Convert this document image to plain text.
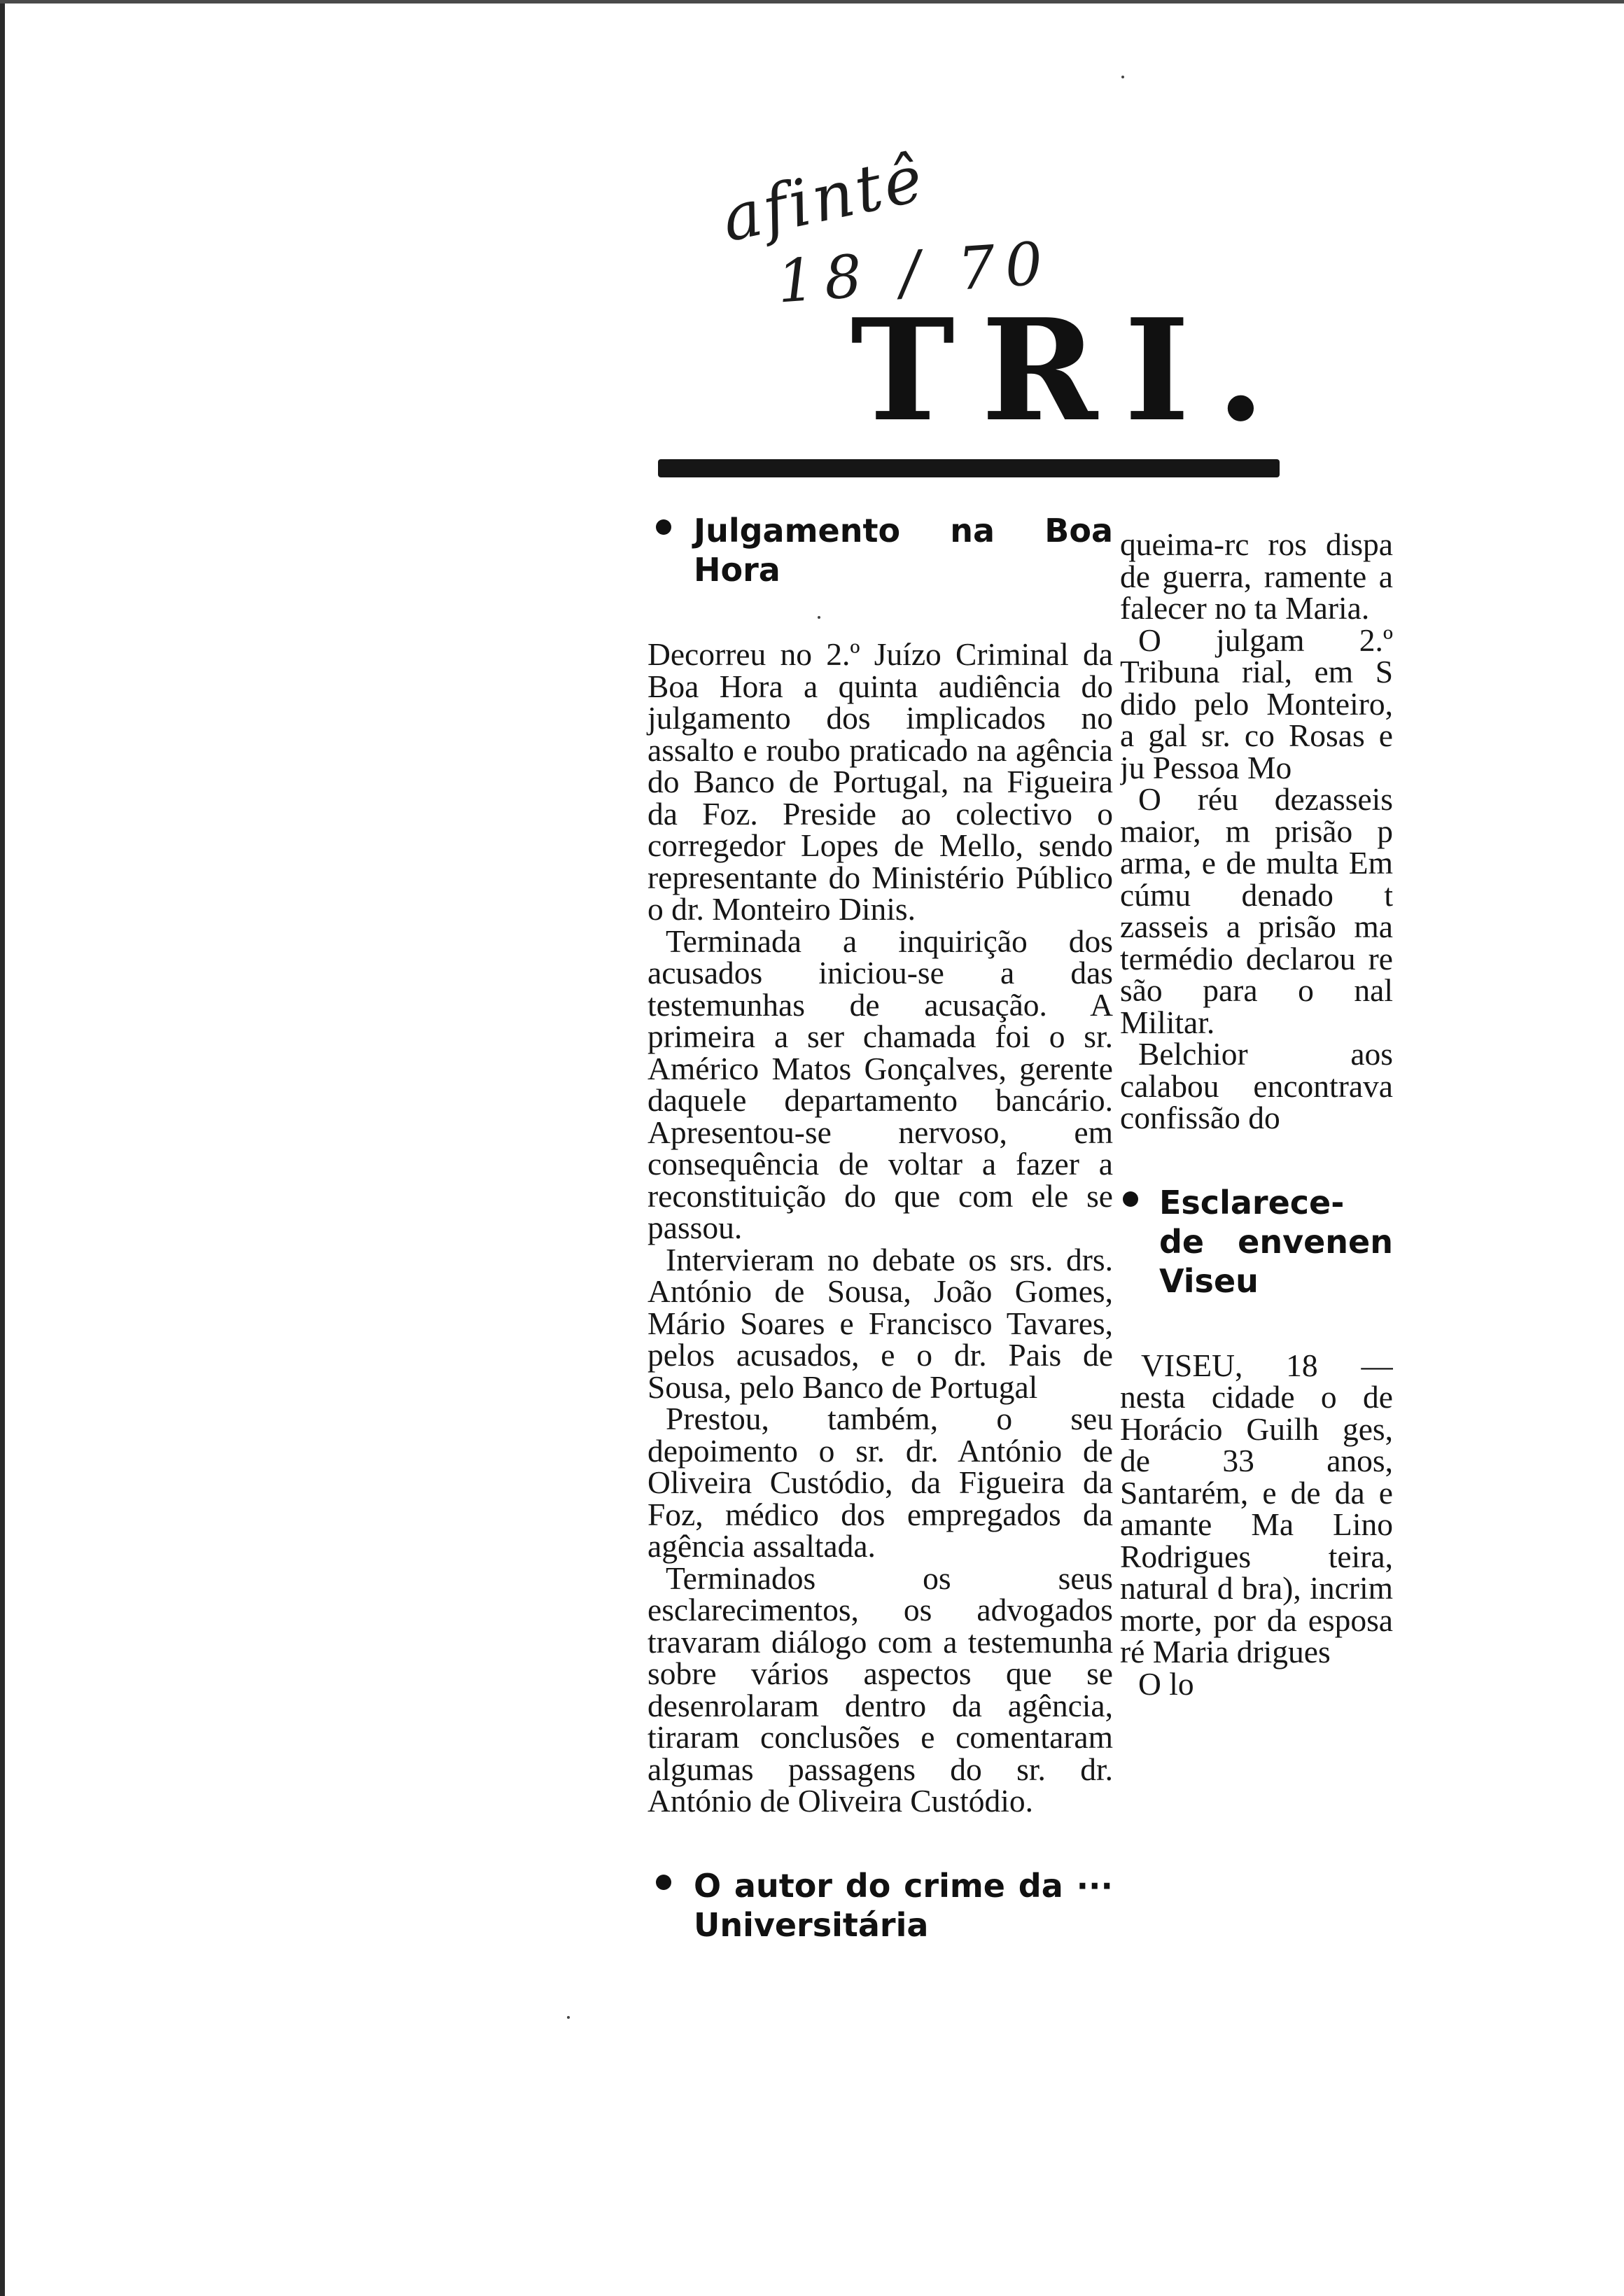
afintê
18 / 70
TRI.
Julgamento na Boa Hora

Decorreu no 2.º Juízo Criminal da Boa Hora a quinta audiência do julgamento dos implicados no assalto e roubo praticado na agência do Banco de Portugal, na Figueira da Foz. Preside ao colectivo o corregedor Lopes de Mello, sendo representante do Ministério Público o dr. Monteiro Dinis.

Terminada a inquirição dos acusados iniciou-se a das testemunhas de acusação. A primeira a ser chamada foi o sr. Américo Matos Gonçalves, gerente daquele departamento bancário. Apresentou-se nervoso, em consequência de voltar a fazer a reconstituição do que com ele se passou.

Intervieram no debate os srs. drs. António de Sousa, João Gomes, Mário Soares e Francisco Tavares, pelos acusados, e o dr. Pais de Sousa, pelo Banco de Portugal

Prestou, também, o seu depoimento o sr. dr. António de Oliveira Custódio, da Figueira da Foz, médico dos empregados da agência assaltada.

Terminados os seus esclarecimentos, os advogados travaram diálogo com a testemunha sobre vários aspectos que se desenrolaram dentro da agência, tiraram conclusões e comentaram algumas passagens do sr. dr. António de Oliveira Custódio.

O autor do crime da ··· Universitária

queima-rc ros dispa de guerra, ramente a falecer no ta Maria.

O julgam 2.º Tribuna rial, em S dido pelo Monteiro, a gal sr. co Rosas e ju Pessoa Mo

O réu dezasseis maior, m prisão p arma, e de multa Em cúmu denado t zasseis a prisão ma termédio declarou re são para o nal Militar.

Belchior aos calabou encontrava confissão do

Esclarece- de envenen Viseu

VISEU, 18 — nesta cidade o de Horácio Guilh ges, de 33 anos, Santarém, e de da e amante Ma Lino Rodrigues teira, natural d bra), incrim morte, por da esposa ré Maria drigues

O lo
